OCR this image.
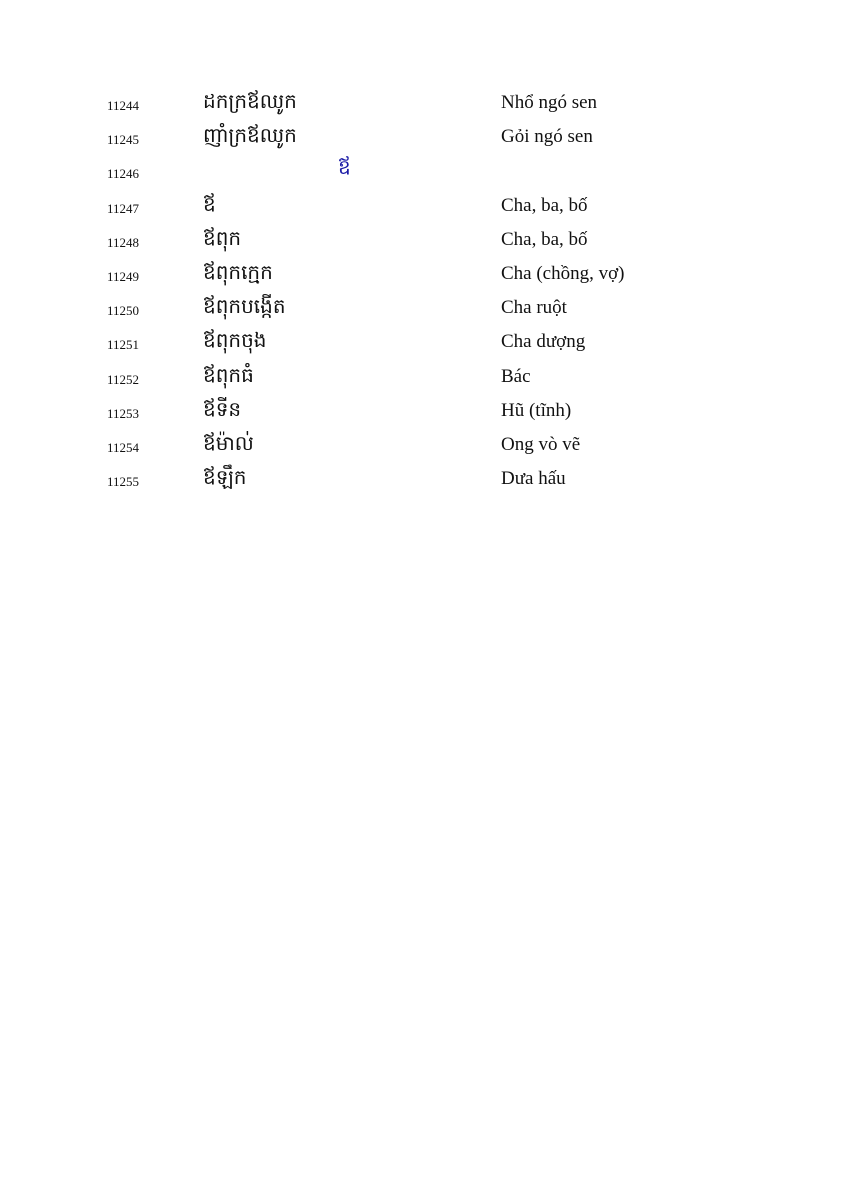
11244	ដកក្រឪឈូក	Nhổ ngó sen
11245	ញាំក្រឪឈូក	Gỏi ngó sen
11246	ឪ
11247	ឪ	Cha, ba, bố
11248	ឪពុក	Cha, ba, bố
11249	ឪពុកក្មេក	Cha (chồng, vợ)
11250	ឪពុកបង្កើត	Cha ruột
11251	ឪពុកចុង	Cha dượng
11252	ឪពុកធំ	Bác
11253	ឪទីន	Hũ (tĩnh)
11254	ឪម៉ាល់	Ong vò vẽ
11255	ឪឡឹក	Dưa hấu
